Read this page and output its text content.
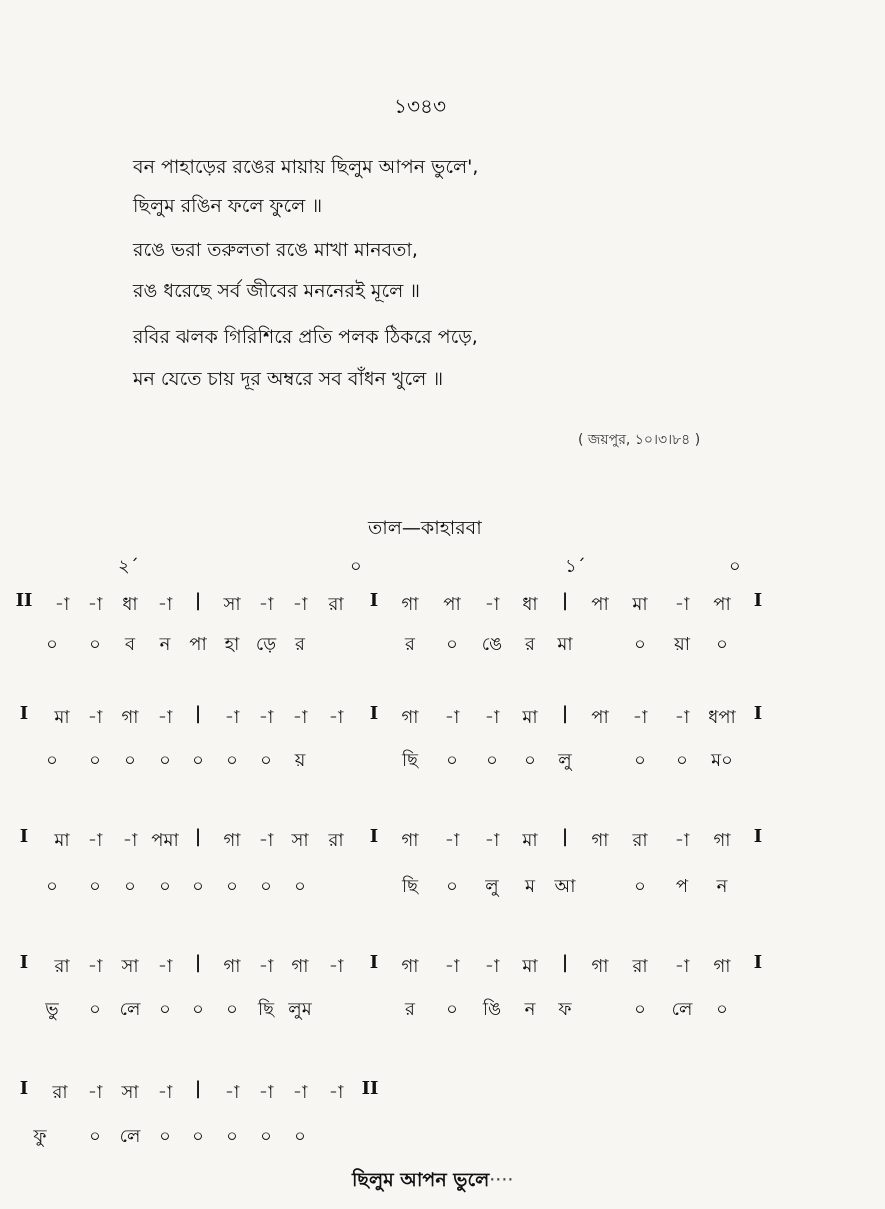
১৩৪৩
বন পাহাড়ের রঙের মায়ায় ছিলুম আপন ভুলে',
ছিলুম রঙিন ফলে ফুলে ॥
রঙে ভরা তরুলতা রঙে মাখা মানবতা,
রঙ ধরেছে সর্ব জীবের মননেরই মূলে ॥
রবির ঝলক গিরিশিরে প্রতি পলক ঠিকরে পড়ে,
মন যেতে চায় দূর অম্বরে সব বাঁধন খুলে ॥
( জয়পুর, ১০।৩।৮৪ )
তাল—কাহারবা
২´	০	১´	০
II -া -া ধা -া | সা -া -া রা I গা পা -া ধা | পা মা -া পা I
০ ০ ব ন পা হা ড়ে র	র ০ ঙে র মা	০ য়া ০
I মা -া গা -া | -া -া -া -া I গা -া -া মা | পা -া -া ধপা I
০ ০ ০ ০ ০ ০ ০ য়	ছি ০ ০ ০ লু	০ ০ ম০
I মা -া -া পমা | গা -া সা রা I গা -া -া মা | গা রা -া গা I
০ ০ ০ ০ ০ ০ ০ ০	ছি ০ লু ম আ	০ প ন
I রা -া সা -া | গা -া গা -া I গা -া -া মা | গা রা -া গা I
ভু ০ লে ০ ০ ০ ছি লুম	র ০ ঙি ন ফ	০ লে ০
I রা -া সা -া | -া -া -া -া II
ফু ০ লে ০ ০ ০ ০ ০
ছিলুম আপন ভুলে····
